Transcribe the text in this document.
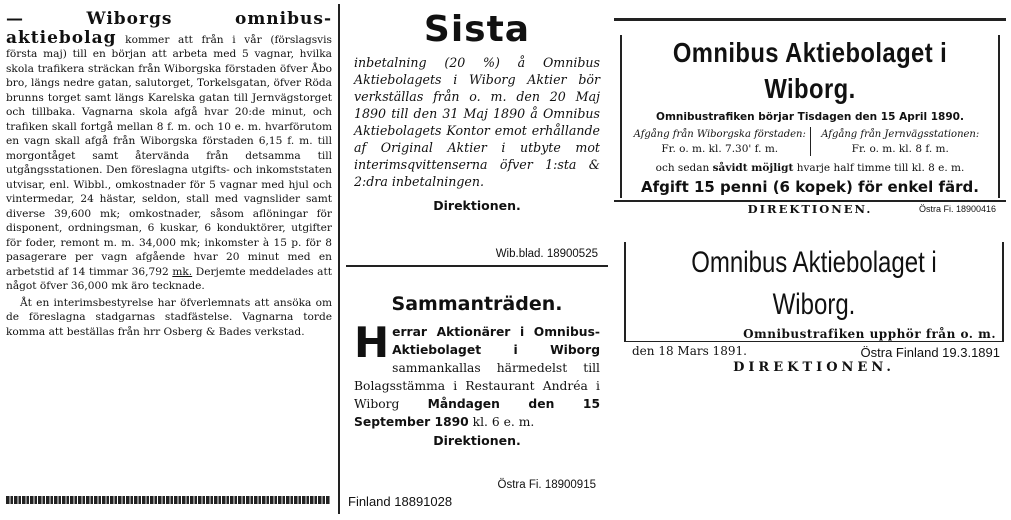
— Wiborgs omnibus- aktiebolag kommer att från i vår (förslagsvis första maj) till en början att arbeta med 5 vagnar, hvilka skola trafikera sträckan från Wiborgska förstaden öfver Åbo bro, längs nedre gatan, salutorget, Torkelsgatan, öfver Röda brunns torget samt längs Karelska gatan till Jernvägstorget och tillbaka. Vagnarna skola afgå hvar 20:de minut, och trafiken skall fortgå mellan 8 f. m. och 10 e. m. hvarförutom en vagn skall afgå från Wiborgska förstaden 6,15 f. m. till morgontåget samt återvända från detsamma till utgångsstationen. Den föreslagna utgifts- och inkomststaten utvisar, enl. Wibbl., omkostnader för 5 vagnar med hjul och vintermedar, 24 hästar, seldon, stall med vagnslider samt diverse 39,600 mk; omkostnader, såsom aflöningar för disponent, ordningsman, 6 kuskar, 6 konduktörer, utgifter för foder, remont m. m. 34,000 mk; inkomster à 15 p. för 8 pasagerare per vagn afgående hvar 20 minut med en arbetstid af 14 timmar 36,792 mk. Derjemte meddelades att något öfver 36,000 mk äro tecknade.

Åt en interimsbestyrelse har öfverlemnats att ansöka om de föreslagna stadgarnas stadfästelse. Vagnarna torde komma att beställas från hrr Osberg & Bades verkstad.

Sista
inbetalning (20 %) å Omnibus Aktiebolagets i Wiborg Aktier bör verkställas från o. m. den 20 Maj 1890 till den 31 Maj 1890 å Omnibus Aktiebolagets Kontor emot erhållande af Original Aktier i utbyte mot interimsqvittenserna öfver 1:sta & 2:dra inbetalningen.
Direktionen.
Wib.blad. 18900525
Sammanträden.
Herrar Aktionärer i Omnibus-Aktiebolaget i Wiborg sammankallas härmedelst till Bolagsstämma i Restaurant Andréa i Wiborg Måndagen den 15 September 1890 kl. 6 e. m.
Direktionen.
Östra Fi. 18900915
Finland 18891028
Omnibus Aktiebolaget i Wiborg.
Omnibustrafiken börjar Tisdagen den 15 April 1890.
Afgång från Wiborgska förstaden:
Fr. o. m. kl. 7.30' f. m.
Afgång från Jernvägsstationen:
Fr. o. m. kl. 8 f. m.
och sedan såvidt möjligt hvarje half timme till kl. 8 e. m.
Afgift 15 penni (6 kopek) för enkel färd.
DIREKTIONEN.	Östra Fi. 18900416
Omnibus Aktiebolaget i Wiborg.
Omnibustrafiken upphör från o. m.
den 18 Mars 1891.
DIREKTIONEN.
Östra Finland 19.3.1891
